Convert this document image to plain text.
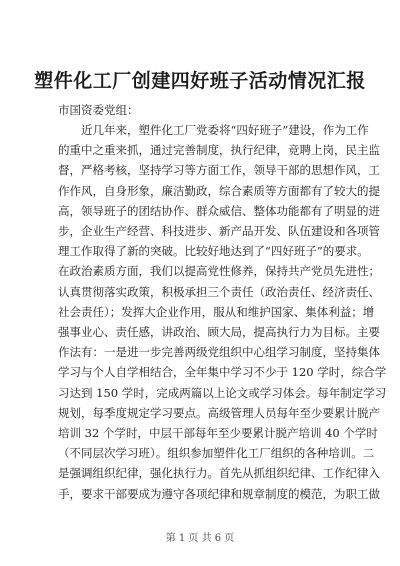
塑件化工厂创建四好班子活动情况汇报
市国资委党组：
近几年来，塑件化工厂党委将“四好班子”建设，作为工作
的重中之重来抓，通过完善制度，执行纪律，竞聘上岗，民主监
督，严格考核，坚持学习等方面工作，领导干部的思想作风，工
作作风，自身形象，廉洁勤政，综合素质等方面都有了较大的提
高，领导班子的团结协作、群众威信、整体功能都有了明显的进
步，企业生产经营、科技进步、新产品开发、队伍建设和各项管
理工作取得了新的突破。比较好地达到了“四好班子”的要求。
在政治素质方面，我们以提高党性修养，保持共产党员先进性；
认真贯彻落实政策，积极承担三个责任（政治责任、经济责任、
社会责任）；发挥大企业作用，服从和维护国家、集体利益；增
强事业心、责任感，讲政治、顾大局，提高执行力为目标。主要
作法有：一是进一步完善两级党组织中心组学习制度，坚持集体
学习与个人自学相结合，全年集中学习不少于 120 学时，综合学
习达到 150 学时，完成两篇以上论文或学习体会。每年制定学习
规划，每季度规定学习要点。高级管理人员每年至少要累计脱产
培训 32 个学时，中层干部每年至少要累计脱产培训 40 个学时
（不同层次学习班）。组织参加塑件化工厂组织的各种培训。二
是强调组织纪律，强化执行力。首先从抓组织纪律、工作纪律入
手，要求干部要成为遵守各项纪律和规章制度的模范，为职工做
第 1 页 共 6 页
